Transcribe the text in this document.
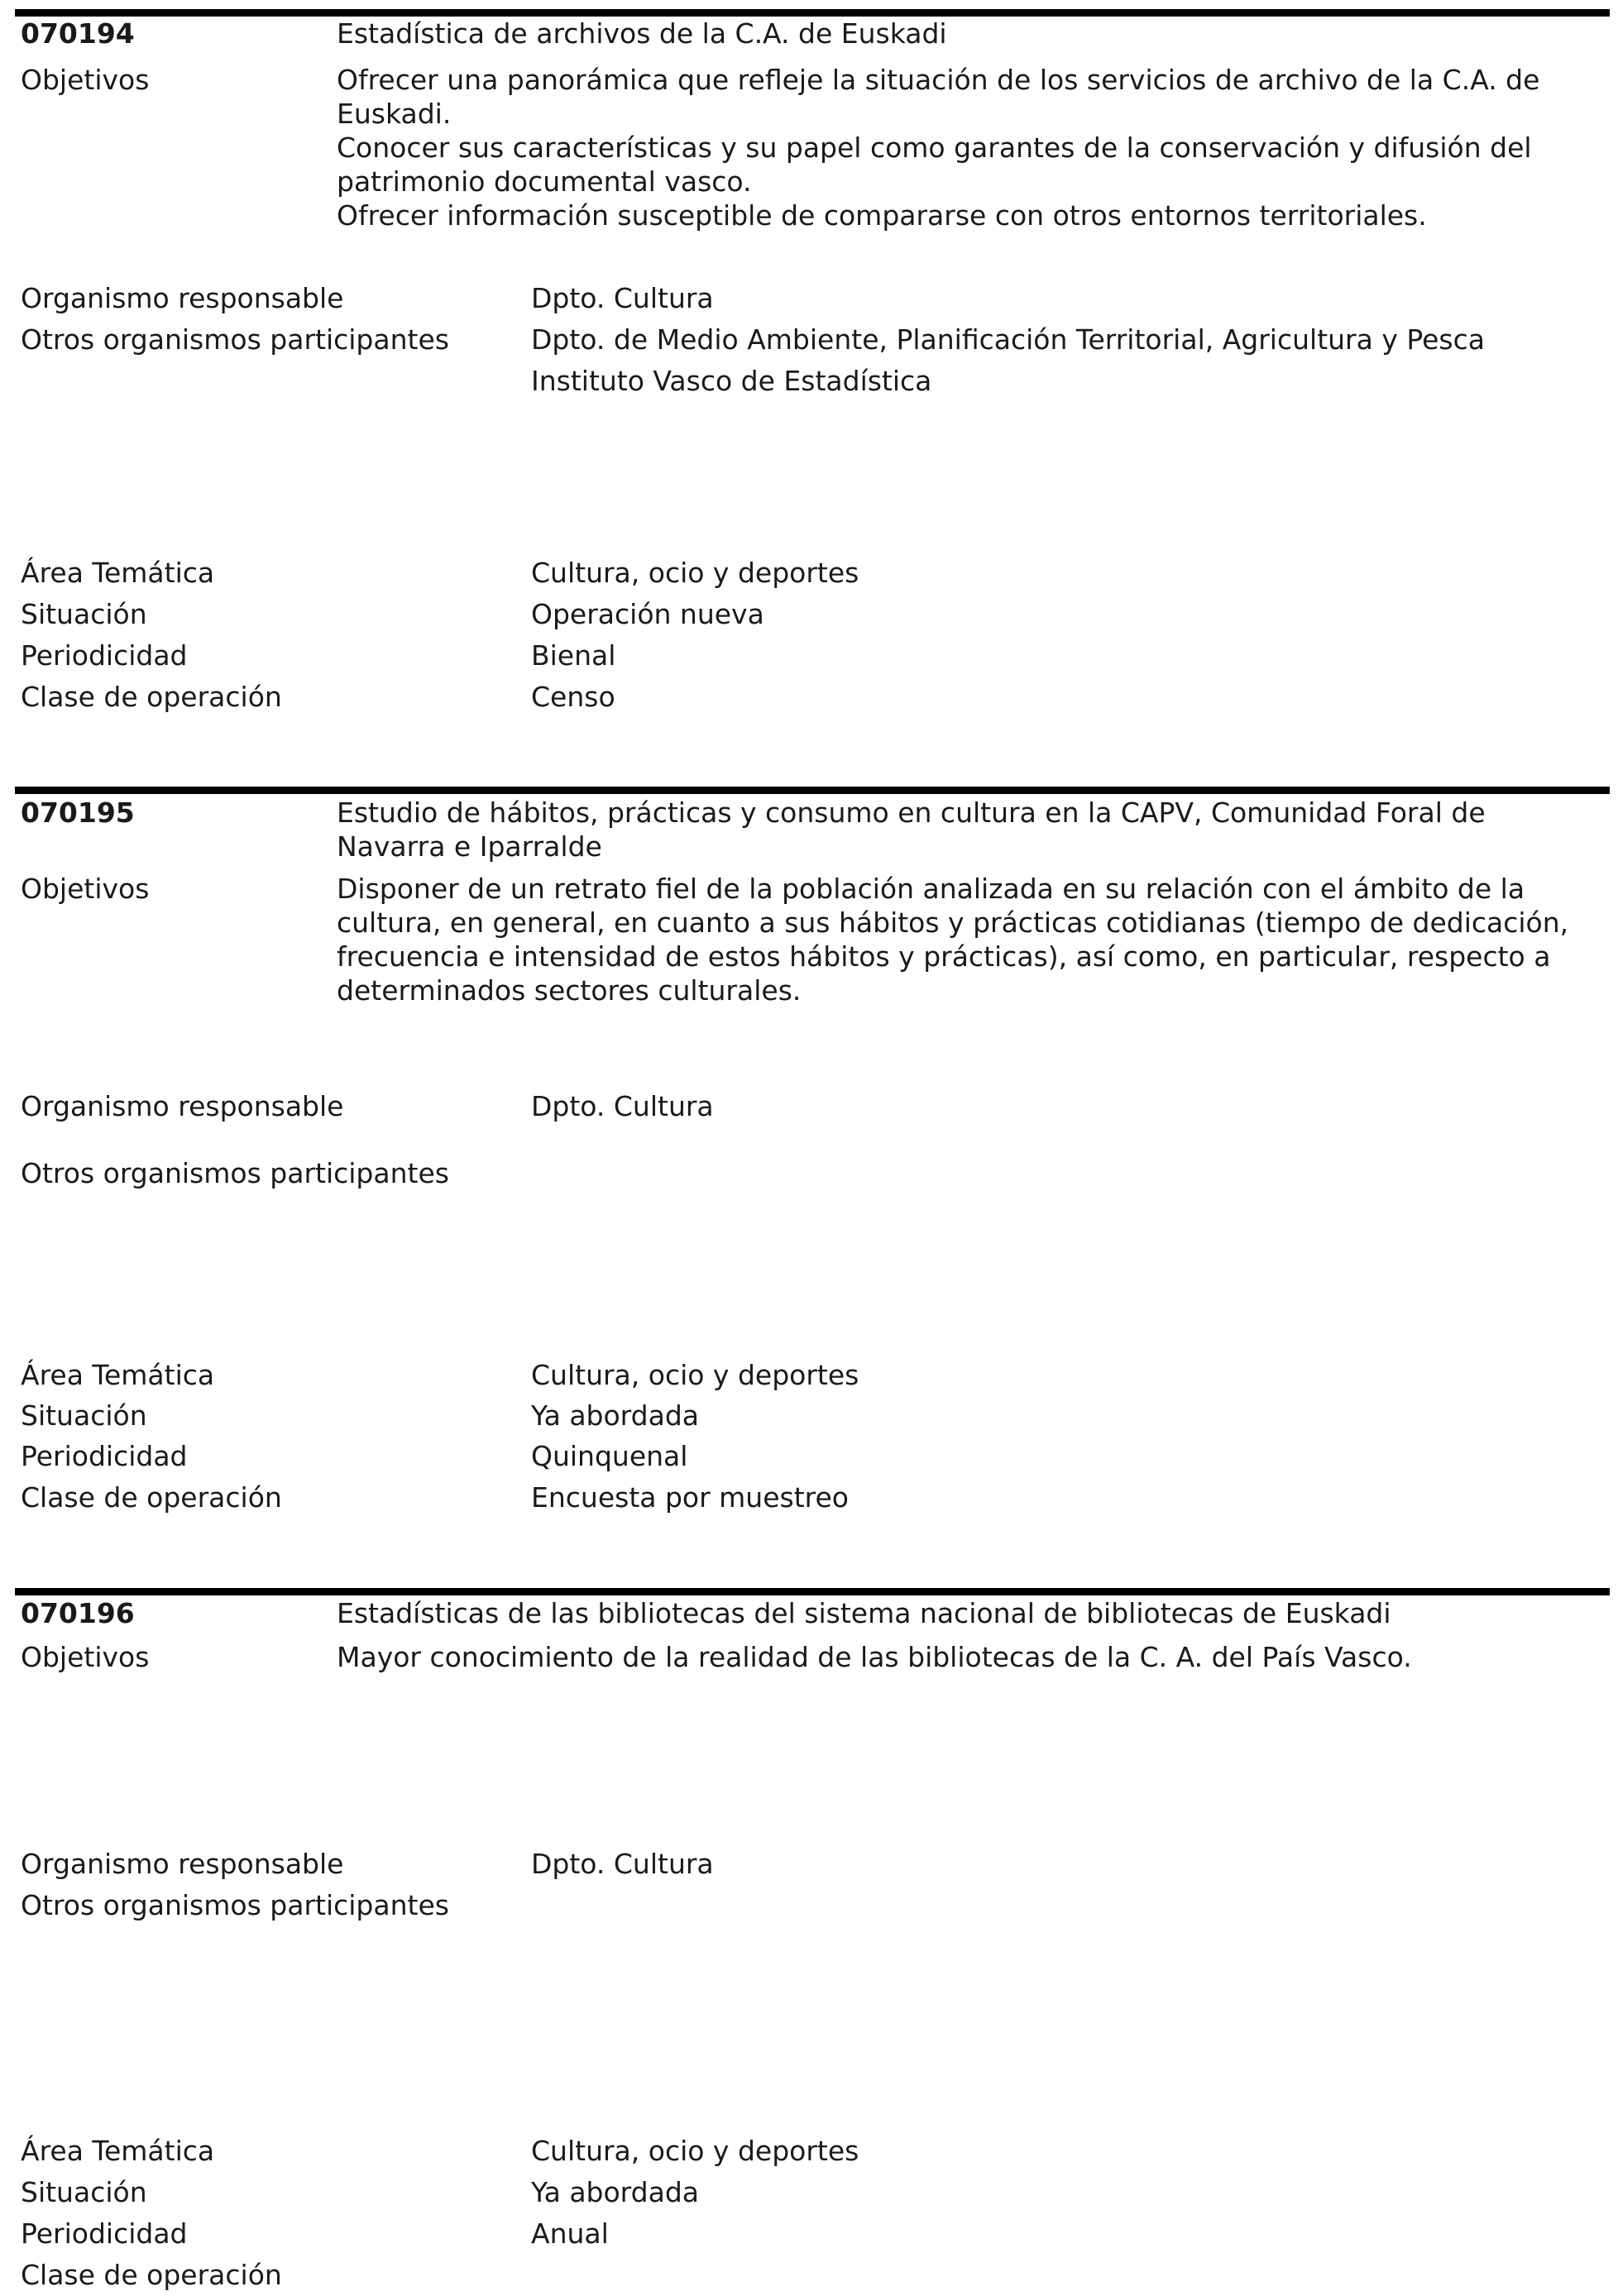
070194	Estadística de archivos de la C.A. de Euskadi
Objetivos	Ofrecer una panorámica que refleje la situación de los servicios de archivo de la C.A. de Euskadi.
Conocer sus características y su papel como garantes de la conservación y difusión del patrimonio documental vasco.
Ofrecer información susceptible de compararse con otros entornos territoriales.
Organismo responsable	Dpto. Cultura
Otros organismos participantes	Dpto. de Medio Ambiente, Planificación Territorial, Agricultura y Pesca
Instituto Vasco de Estadística
Área Temática	Cultura, ocio y deportes
Situación	Operación nueva
Periodicidad	Bienal
Clase de operación	Censo
070195	Estudio de hábitos, prácticas y consumo en cultura en la CAPV, Comunidad Foral de Navarra e Iparralde
Objetivos	Disponer de un retrato fiel de la población analizada en su relación con el ámbito de la cultura, en general, en cuanto a sus hábitos y prácticas cotidianas (tiempo de dedicación, frecuencia e intensidad de estos hábitos y prácticas), así como, en particular, respecto a determinados sectores culturales.
Organismo responsable	Dpto. Cultura
Otros organismos participantes
Área Temática	Cultura, ocio y deportes
Situación	Ya abordada
Periodicidad	Quinquenal
Clase de operación	Encuesta por muestreo
070196	Estadísticas de las bibliotecas del sistema nacional de bibliotecas de Euskadi
Objetivos	Mayor conocimiento de la realidad de las bibliotecas de la C. A. del País Vasco.
Organismo responsable	Dpto. Cultura
Otros organismos participantes
Área Temática	Cultura, ocio y deportes
Situación	Ya abordada
Periodicidad	Anual
Clase de operación
